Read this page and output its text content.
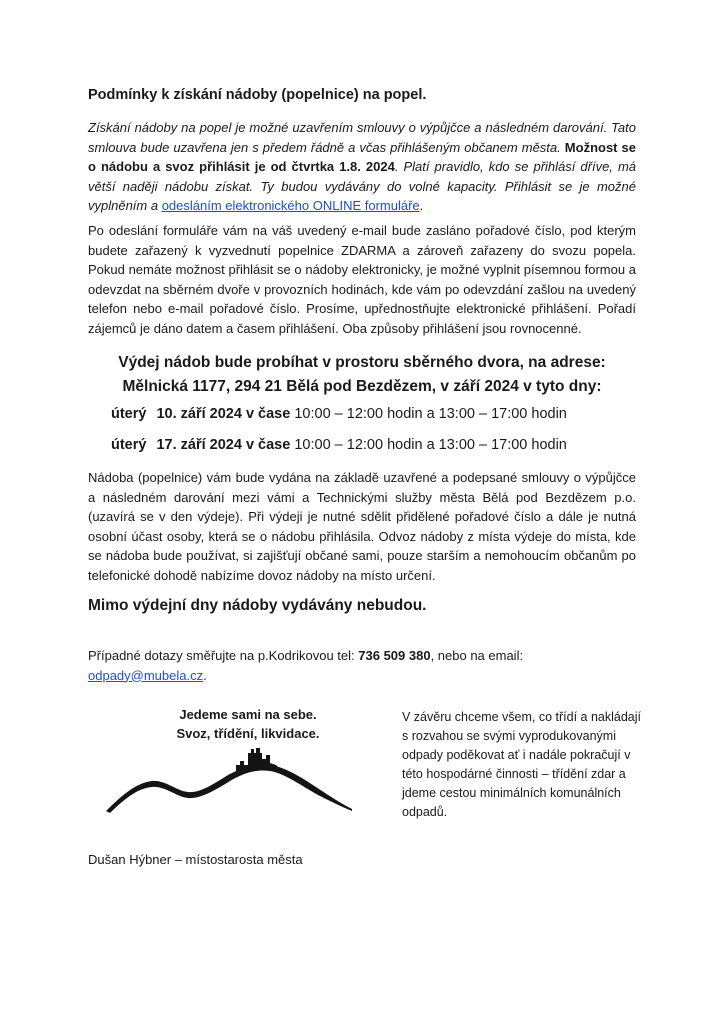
Podmínky k získání nádoby (popelnice) na popel.
Získání nádoby na popel je možné uzavřením smlouvy o výpůjčce a následném darování. Tato smlouva bude uzavřena jen s předem řádně a včas přihlášeným občanem města. Možnost se o nádobu a svoz přihlásit je od čtvrtka 1.8. 2024. Platí pravidlo, kdo se přihlásí dříve, má větší naději nádobu získat. Ty budou vydávány do volné kapacity. Přihlásit se je možné vyplněním a odesláním elektronického ONLINE formuláře.
Po odeslání formuláře vám na váš uvedený e-mail bude zasláno pořadové číslo, pod kterým budete zařazený k vyzvednutí popelnice ZDARMA a zároveň zařazeny do svozu popela. Pokud nemáte možnost přihlásit se o nádoby elektronicky, je možné vyplnit písemnou formou a odevzdat na sběrném dvoře v provozních hodinách, kde vám po odevzdání zašlou na uvedený telefon nebo e-mail pořadové číslo. Prosíme, upřednostňujte elektronické přihlášení. Pořadí zájemců je dáno datem a časem přihlášení. Oba způsoby přihlášení jsou rovnocenné.
Výdej nádob bude probíhat v prostoru sběrného dvora, na adrese: Mělnická 1177, 294 21 Bělá pod Bezdězem, v září 2024 v tyto dny:
úterý 10. září 2024 v čase 10:00 – 12:00 hodin a 13:00 – 17:00 hodin
úterý 17. září 2024 v čase 10:00 – 12:00 hodin a 13:00 – 17:00 hodin
Nádoba (popelnice) vám bude vydána na základě uzavřené a podepsané smlouvy o výpůjčce a následném darování mezi vámi a Technickými služby města Bělá pod Bezdězem p.o. (uzavírá se v den výdeje). Při výdeji je nutné sdělit přidělené pořadové číslo a dále je nutná osobní účast osoby, která se o nádobu přihlásila. Odvoz nádoby z místa výdeje do místa, kde se nádoba bude používat, si zajišťují občané sami, pouze starším a nemohoucím občanům po telefonické dohodě nabízíme dovoz nádoby na místo určení.
Mimo výdejní dny nádoby vydávány nebudou.
Případné dotazy směřujte na p.Kodrikovou tel: 736 509 380, nebo na email:
odpady@mubela.cz.
Jedeme sami na sebe.
Svoz, třídění, likvidace.
V závěru chceme všem, co třídí a nakládají s rozvahou se svými vyprodukovanými odpady poděkovat ať i nadále pokračují v této hospodárné činnosti – třídění zdar a jdeme cestou minimálních komunálních odpadů.
Dušan Hýbner – místostarosta města
